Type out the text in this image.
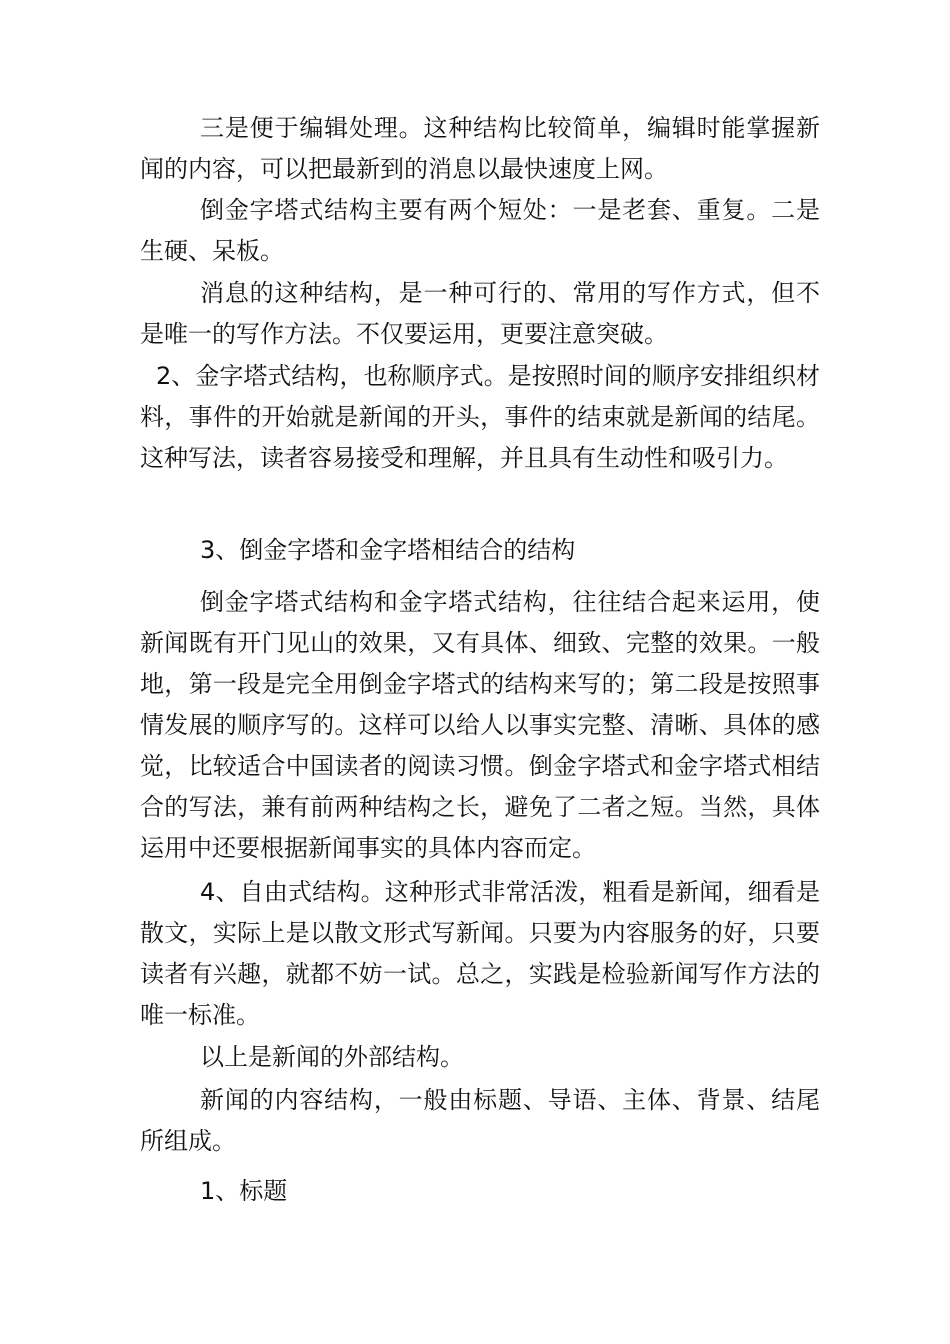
三是便于编辑处理。这种结构比较简单，编辑时能掌握新闻的内容，可以把最新到的消息以最快速度上网。

倒金字塔式结构主要有两个短处：一是老套、重复。二是生硬、呆板。

消息的这种结构，是一种可行的、常用的写作方式，但不是唯一的写作方法。不仅要运用，更要注意突破。

2、金字塔式结构，也称顺序式。是按照时间的顺序安排组织材料，事件的开始就是新闻的开头，事件的结束就是新闻的结尾。这种写法，读者容易接受和理解，并且具有生动性和吸引力。

3、倒金字塔和金字塔相结合的结构

倒金字塔式结构和金字塔式结构，往往结合起来运用，使新闻既有开门见山的效果，又有具体、细致、完整的效果。一般地，第一段是完全用倒金字塔式的结构来写的；第二段是按照事情发展的顺序写的。这样可以给人以事实完整、清晰、具体的感觉，比较适合中国读者的阅读习惯。倒金字塔式和金字塔式相结合的写法，兼有前两种结构之长，避免了二者之短。当然，具体运用中还要根据新闻事实的具体内容而定。

4、自由式结构。这种形式非常活泼，粗看是新闻，细看是散文，实际上是以散文形式写新闻。只要为内容服务的好，只要读者有兴趣，就都不妨一试。总之，实践是检验新闻写作方法的唯一标准。

以上是新闻的外部结构。

新闻的内容结构，一般由标题、导语、主体、背景、结尾所组成。

1、标题
